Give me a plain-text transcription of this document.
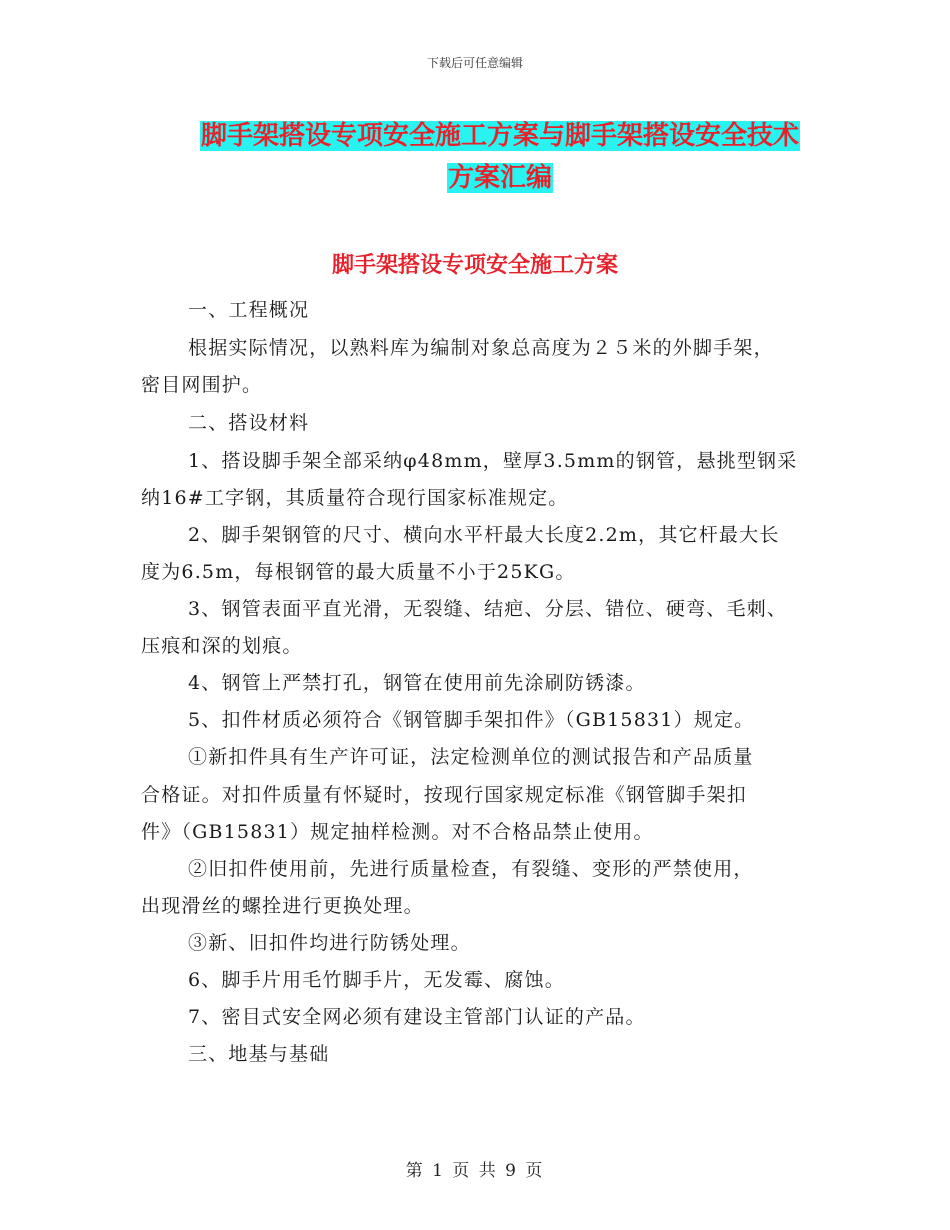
下载后可任意编辑
脚手架搭设专项安全施工方案与脚手架搭设安全技术
方案汇编
脚手架搭设专项安全施工方案
一、工程概况
根据实际情况，以熟料库为编制对象总高度为２５米的外脚手架，
密目网围护。
二、搭设材料
1、搭设脚手架全部采纳φ48mm，壁厚3.5mm的钢管，悬挑型钢采
纳16#工字钢，其质量符合现行国家标准规定。
2、脚手架钢管的尺寸、横向水平杆最大长度2.2m，其它杆最大长
度为6.5m，每根钢管的最大质量不小于25KG。
3、钢管表面平直光滑，无裂缝、结疤、分层、错位、硬弯、毛刺、
压痕和深的划痕。
4、钢管上严禁打孔，钢管在使用前先涂刷防锈漆。
5、扣件材质必须符合《钢管脚手架扣件》（GB15831）规定。
①新扣件具有生产许可证，法定检测单位的测试报告和产品质量
合格证。对扣件质量有怀疑时，按现行国家规定标准《钢管脚手架扣
件》（GB15831）规定抽样检测。对不合格品禁止使用。
②旧扣件使用前，先进行质量检查，有裂缝、变形的严禁使用，
出现滑丝的螺拴进行更换处理。
③新、旧扣件均进行防锈处理。
6、脚手片用毛竹脚手片，无发霉、腐蚀。
7、密目式安全网必须有建设主管部门认证的产品。
三、地基与基础
第 1 页 共 9 页
